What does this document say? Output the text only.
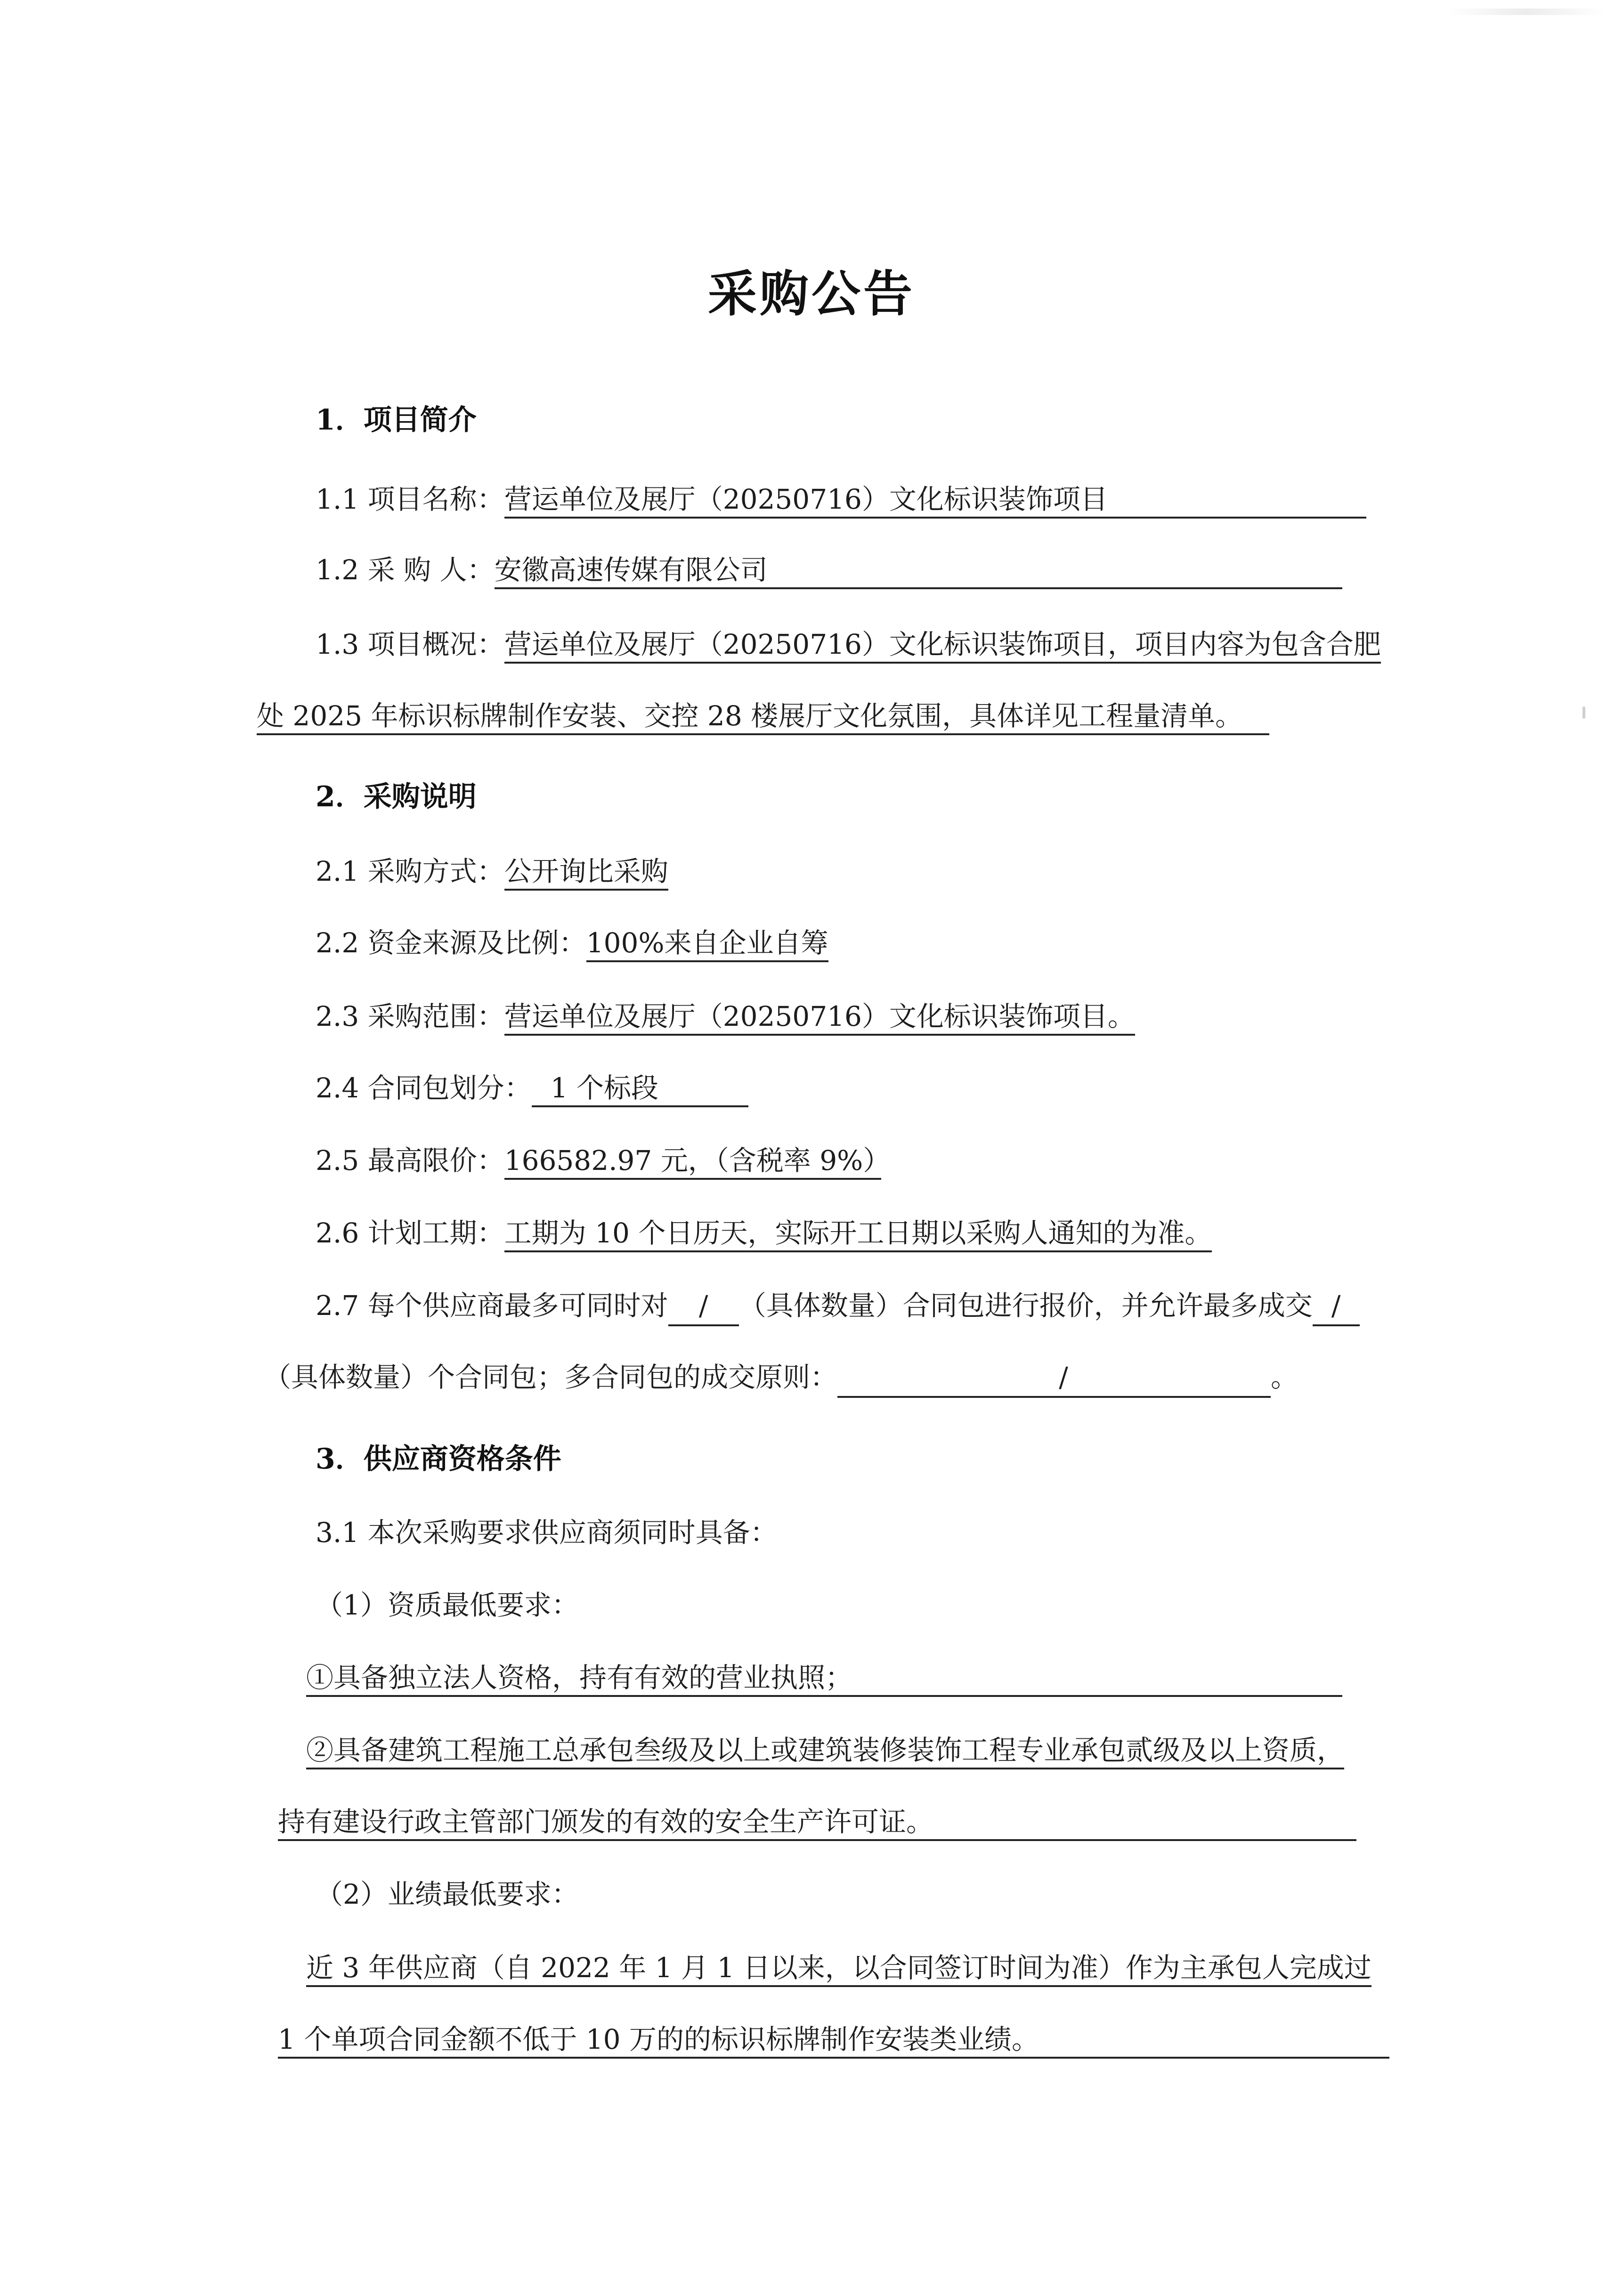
采购公告
1．项目简介
1.1 项目名称：营运单位及展厅（20250716）文化标识装饰项目
1.2 采 购 人：安徽高速传媒有限公司
1.3 项目概况：营运单位及展厅（20250716）文化标识装饰项目，项目内容为包含合肥
处 2025 年标识标牌制作安装、交控 28 楼展厅文化氛围，具体详见工程量清单。
2．采购说明
2.1 采购方式：公开询比采购
2.2 资金来源及比例：100%来自企业自筹
2.3 采购范围：营运单位及展厅（20250716）文化标识装饰项目。
2.4 合同包划分： 1 个标段
2.5 最高限价：166582.97 元，（含税率 9%）
2.6 计划工期：工期为 10 个日历天，实际开工日期以采购人通知的为准。
2.7 每个供应商最多可同时对 / （具体数量）合同包进行报价，并允许最多成交 /
（具体数量）个合同包；多合同包的成交原则：	/	。
3．供应商资格条件
3.1 本次采购要求供应商须同时具备：
（1）资质最低要求：
①具备独立法人资格，持有有效的营业执照；
②具备建筑工程施工总承包叁级及以上或建筑装修装饰工程专业承包贰级及以上资质，
持有建设行政主管部门颁发的有效的安全生产许可证。
（2）业绩最低要求：
近 3 年供应商（自 2022 年 1 月 1 日以来，以合同签订时间为准）作为主承包人完成过
1 个单项合同金额不低于 10 万的的标识标牌制作安装类业绩。
